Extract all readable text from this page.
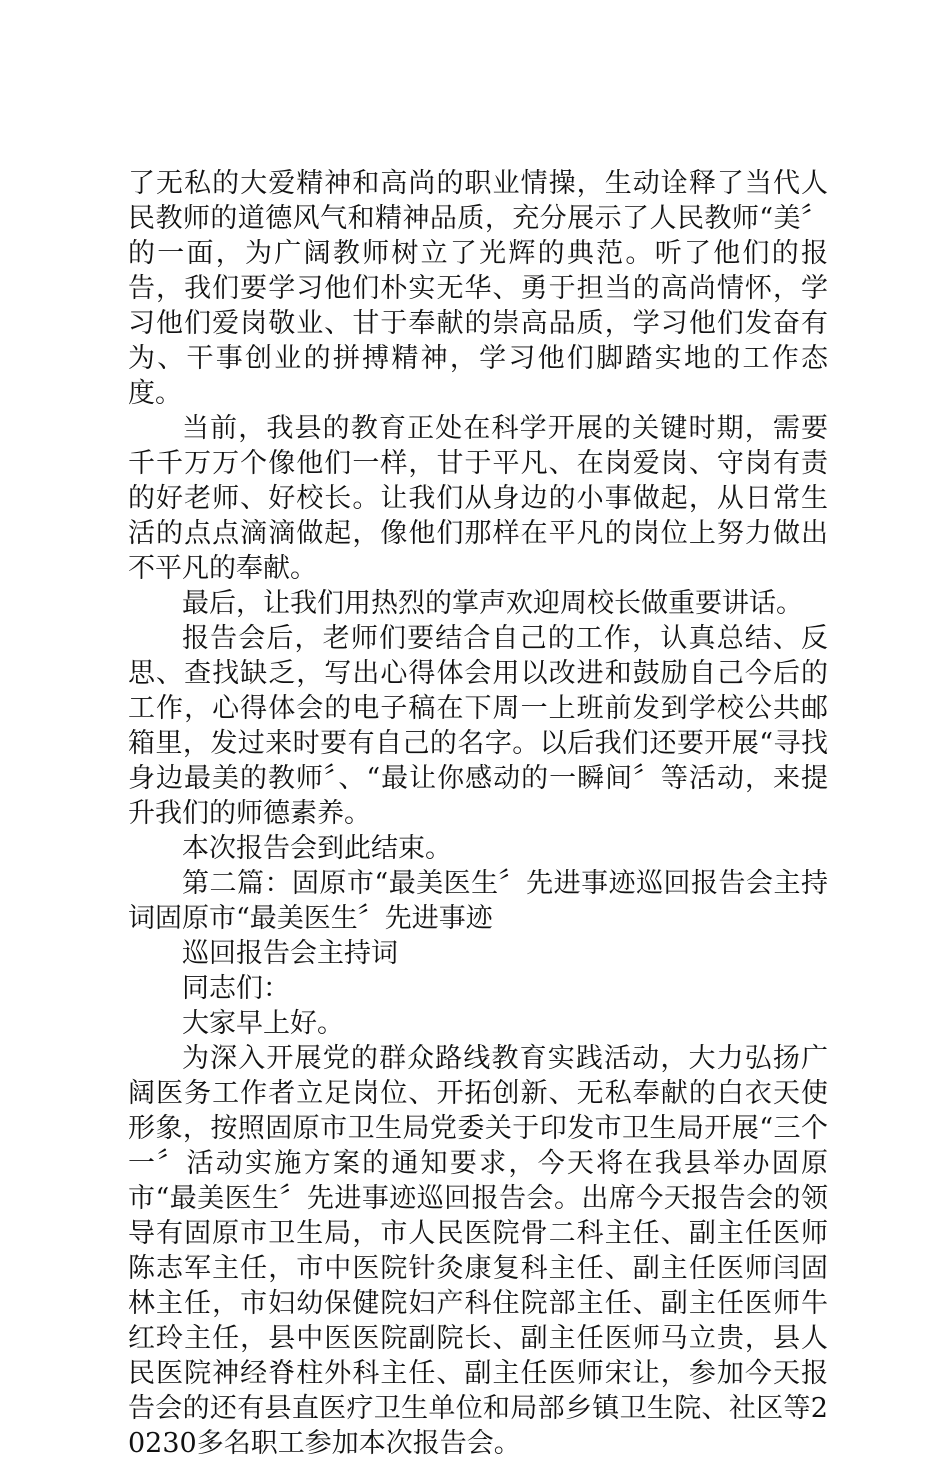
了无私的大爱精神和高尚的职业情操，生动诠释了当代人民教师的道德风气和精神品质，充分展示了人民教师“美〞的一面，为广阔教师树立了光辉的典范。听了他们的报告，我们要学习他们朴实无华、勇于担当的高尚情怀，学习他们爱岗敬业、甘于奉献的崇高品质，学习他们发奋有为、干事创业的拼搏精神，学习他们脚踏实地的工作态度。

当前，我县的教育正处在科学开展的关键时期，需要千千万万个像他们一样，甘于平凡、在岗爱岗、守岗有责的好老师、好校长。让我们从身边的小事做起，从日常生活的点点滴滴做起，像他们那样在平凡的岗位上努力做出不平凡的奉献。

最后，让我们用热烈的掌声欢迎周校长做重要讲话。

报告会后，老师们要结合自己的工作，认真总结、反思、查找缺乏，写出心得体会用以改进和鼓励自己今后的工作，心得体会的电子稿在下周一上班前发到学校公共邮箱里，发过来时要有自己的名字。以后我们还要开展“寻找身边最美的教师〞、“最让你感动的一瞬间〞等活动，来提升我们的师德素养。

本次报告会到此结束。

第二篇：固原市“最美医生〞先进事迹巡回报告会主持词固原市“最美医生〞先进事迹

巡回报告会主持词

同志们：

大家早上好。

为深入开展党的群众路线教育实践活动，大力弘扬广阔医务工作者立足岗位、开拓创新、无私奉献的白衣天使形象，按照固原市卫生局党委关于印发市卫生局开展“三个一〞活动实施方案的通知要求，今天将在我县举办固原市“最美医生〞先进事迹巡回报告会。出席今天报告会的领导有固原市卫生局，市人民医院骨二科主任、副主任医师陈志军主任，市中医院针灸康复科主任、副主任医师闫固林主任，市妇幼保健院妇产科住院部主任、副主任医师牛红玲主任，县中医医院副院长、副主任医师马立贵，县人民医院神经脊柱外科主任、副主任医师宋让，参加今天报告会的还有县直医疗卫生单位和局部乡镇卫生院、社区等20230多名职工参加本次报告会。
